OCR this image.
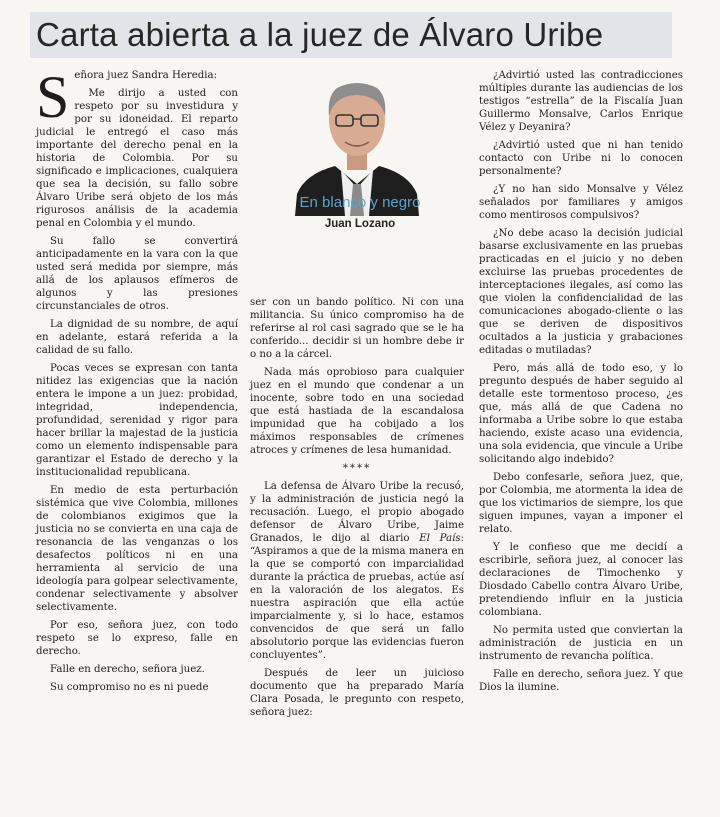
Carta abierta a la juez de Álvaro Uribe

Señora juez Sandra Heredia:

Me dirijo a usted con respeto por su investidura y por su idoneidad. El reparto judicial le entregó el caso más importante del derecho penal en la historia de Colombia. Por su significado e implicaciones, cualquiera que sea la decisión, su fallo sobre Álvaro Uribe será objeto de los más rigurosos análisis de la academia penal en Colombia y el mundo.

Su fallo se convertirá anticipadamente en la vara con la que usted será medida por siempre, más allá de los aplausos efímeros de algunos y las presiones circunstanciales de otros.

La dignidad de su nombre, de aquí en adelante, estará referida a la calidad de su fallo.

Pocas veces se expresan con tanta nitidez las exigencias que la nación entera le impone a un juez: probidad, integridad, independencia, profundidad, serenidad y rigor para hacer brillar la majestad de la justicia como un elemento indispensable para garantizar el Estado de derecho y la institucionalidad republicana.

En medio de esta perturbación sistémica que vive Colombia, millones de colombianos exigimos que la justicia no se convierta en una caja de resonancia de las venganzas o los desafectos políticos ni en una herramienta al servicio de una ideología para golpear selectivamente, condenar selectivamente y absolver selectivamente.

Por eso, señora juez, con todo respeto se lo expreso, falle en derecho.

Falle en derecho, señora juez.

Su compromiso no es ni puede

En blanco y negro
Juan Lozano

ser con un bando político. Ni con una militancia. Su único compromiso ha de referirse al rol casi sagrado que se le ha conferido... decidir si un hombre debe ir o no a la cárcel.

Nada más oprobioso para cualquier juez en el mundo que condenar a un inocente, sobre todo en una sociedad que está hastiada de la escandalosa impunidad que ha cobijado a los máximos responsables de crímenes atroces y crímenes de lesa humanidad.

****

La defensa de Álvaro Uribe la recusó, y la administración de justicia negó la recusación. Luego, el propio abogado defensor de Álvaro Uribe, Jaime Granados, le dijo al diario El País: “Aspiramos a que de la misma manera en la que se comportó con imparcialidad durante la práctica de pruebas, actúe así en la valoración de los alegatos. Es nuestra aspiración que ella actúe imparcialmente y, si lo hace, estamos convencidos de que será un fallo absolutorio porque las evidencias fueron concluyentes”.

Después de leer un juicioso documento que ha preparado María Clara Posada, le pregunto con respeto, señora juez:

¿Advirtió usted las contradicciones múltiples durante las audiencias de los testigos “estrella” de la Fiscalía Juan Guillermo Monsalve, Carlos Enrique Vélez y Deyanira?

¿Advirtió usted que ni han tenido contacto con Uribe ni lo conocen personalmente?

¿Y no han sido Monsalve y Vélez señalados por familiares y amigos como mentirosos compulsivos?

¿No debe acaso la decisión judicial basarse exclusivamente en las pruebas practicadas en el juicio y no deben excluirse las pruebas procedentes de interceptaciones ilegales, así como las que violen la confidencialidad de las comunicaciones abogado-cliente o las que se deriven de dispositivos ocultados a la justicia y grabaciones editadas o mutiladas?

Pero, más allá de todo eso, y lo pregunto después de haber seguido al detalle este tormentoso proceso, ¿es que, más allá de que Cadena no informaba a Uribe sobre lo que estaba haciendo, existe acaso una evidencia, una sola evidencia, que vincule a Uribe solicitando algo indebido?

Debo confesarle, señora juez, que, por Colombia, me atormenta la idea de que los victimarios de siempre, los que siguen impunes, vayan a imponer el relato.

Y le confieso que me decidí a escribirle, señora juez, al conocer las declaraciones de Timochenko y Diosdado Cabello contra Álvaro Uribe, pretendiendo influir en la justicia colombiana.

No permita usted que conviertan la administración de justicia en un instrumento de revancha política.

Falle en derecho, señora juez. Y que Dios la ilumine.
